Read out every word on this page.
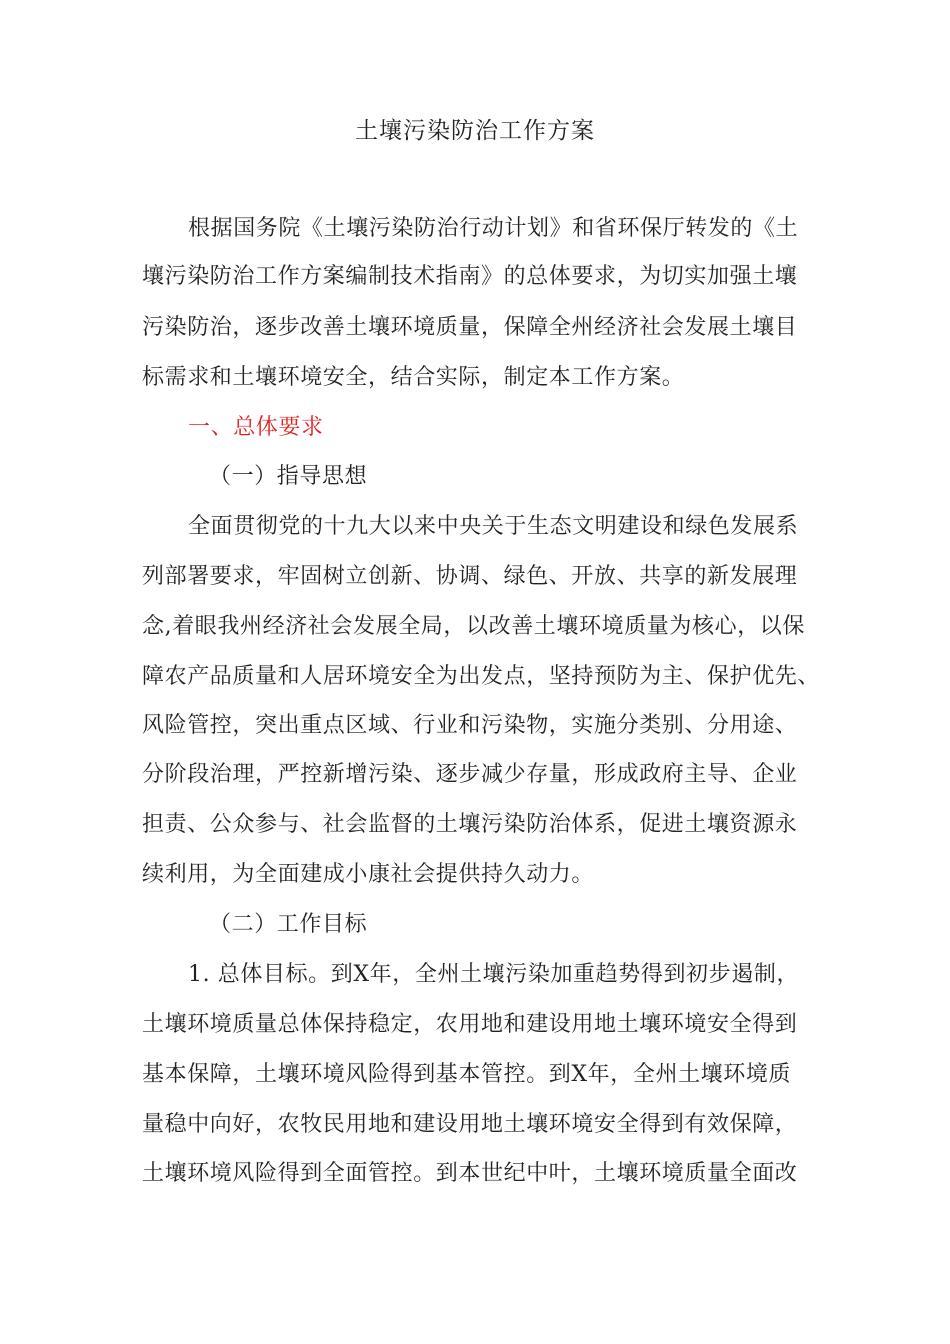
土壤污染防治工作方案
根据国务院《土壤污染防治行动计划》和省环保厅转发的《土
壤污染防治工作方案编制技术指南》的总体要求，为切实加强土壤
污染防治，逐步改善土壤环境质量，保障全州经济社会发展土壤目
标需求和土壤环境安全，结合实际，制定本工作方案。
一、总体要求
（一）指导思想
全面贯彻党的十九大以来中央关于生态文明建设和绿色发展系
列部署要求，牢固树立创新、协调、绿色、开放、共享的新发展理
念,着眼我州经济社会发展全局，以改善土壤环境质量为核心，以保
障农产品质量和人居环境安全为出发点，坚持预防为主、保护优先、
风险管控，突出重点区域、行业和污染物，实施分类别、分用途、
分阶段治理，严控新增污染、逐步减少存量，形成政府主导、企业
担责、公众参与、社会监督的土壤污染防治体系，促进土壤资源永
续利用，为全面建成小康社会提供持久动力。
（二）工作目标
1. 总体目标。到X年，全州土壤污染加重趋势得到初步遏制，
土壤环境质量总体保持稳定，农用地和建设用地土壤环境安全得到
基本保障，土壤环境风险得到基本管控。到X年，全州土壤环境质
量稳中向好，农牧民用地和建设用地土壤环境安全得到有效保障，
土壤环境风险得到全面管控。到本世纪中叶，土壤环境质量全面改
